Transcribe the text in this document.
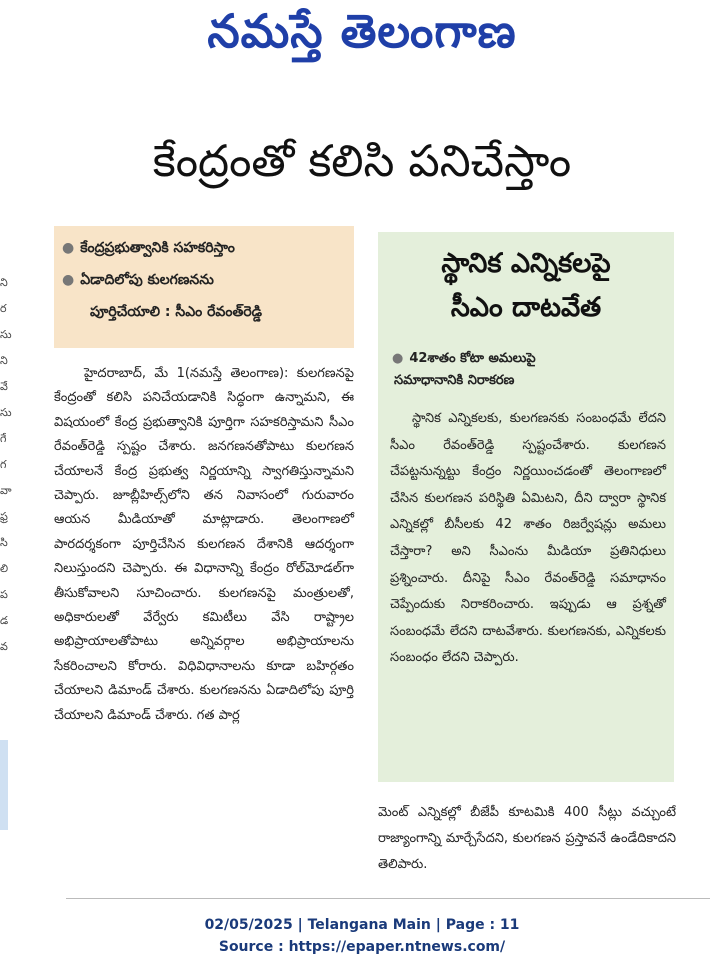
నమస్తే తెలంగాణ
కేంద్రంతో కలిసి పనిచేస్తాం
ని
ర
సు
ని
వే
సు
గే
గ
వా
ఫ్ర
సి
లి
ప
డ
వ
● కేంద్రప్రభుత్వానికి సహకరిస్తాం
● ఏడాదిలోపు కులగణనను
పూర్తిచేయాలి : సీఎం రేవంత్‌రెడ్డి

హైదరాబాద్, మే 1(నమస్తే తెలంగాణ): కులగణనపై కేంద్రంతో కలిసి పనిచేయడానికి సిద్ధంగా ఉన్నామని, ఈ విషయంలో కేంద్ర ప్రభుత్వానికి పూర్తిగా సహకరిస్తామని సీఎం రేవంత్‌రెడ్డి స్పష్టం చేశారు. జనగణనతోపాటు కులగణన చేయాలనే కేంద్ర ప్రభుత్వ నిర్ణయాన్ని స్వాగతిస్తున్నామని చెప్పారు. జూబ్లీహిల్స్‌లోని తన నివాసంలో గురువారం ఆయన మీడియాతో మాట్లాడారు. తెలంగాణలో పారదర్శకంగా పూర్తిచేసిన కులగణన దేశానికి ఆదర్శంగా నిలుస్తుందని చెప్పారు. ఈ విధానాన్ని కేంద్రం రోల్‌మోడల్‌గా తీసుకోవాలని సూచించారు. కులగణనపై మంత్రులతో, అధికారులతో వేర్వేరు కమిటీలు వేసి రాష్ట్రాల అభిప్రాయాలతోపాటు అన్నివర్గాల అభిప్రాయాలను సేకరించాలని కోరారు. విధివిధానాలను కూడా బహిర్గతం చేయాలని డిమాండ్ చేశారు. కులగణనను ఏడాదిలోపు పూర్తి చేయాలని డిమాండ్ చేశారు. గత పార్ల

స్థానిక ఎన్నికలపై
సీఎం దాటవేత
● 42శాతం కోటా అమలుపై
సమాధానానికి నిరాకరణ
స్థానిక ఎన్నికలకు, కులగణనకు సంబంధమే లేదని సీఎం రేవంత్‌రెడ్డి స్పష్టంచేశారు. కులగణన చేపట్టనున్నట్టు కేంద్రం నిర్ణయించడంతో తెలంగాణలో చేసిన కులగణన పరిస్థితి ఏమిటని, దీని ద్వారా స్థానిక ఎన్నికల్లో బీసీలకు 42 శాతం రిజర్వేషన్లు అమలు చేస్తారా? అని సీఎంను మీడియా ప్రతినిధులు ప్రశ్నించారు. దీనిపై సీఎం రేవంత్‌రెడ్డి సమాధానం చెప్పేందుకు నిరాకరించారు. ఇప్పుడు ఆ ప్రశ్నతో సంబంధమే లేదని దాటవేశారు. కులగణనకు, ఎన్నికలకు సంబంధం లేదని చెప్పారు.
మెంట్ ఎన్నికల్లో బీజేపీ కూటమికి 400 సీట్లు వచ్చుంటే రాజ్యాంగాన్ని మార్చేసేదని, కులగణన ప్రస్తావనే ఉండేదికాదని తెలిపారు.
02/05/2025 | Telangana Main | Page : 11
Source : https://epaper.ntnews.com/
